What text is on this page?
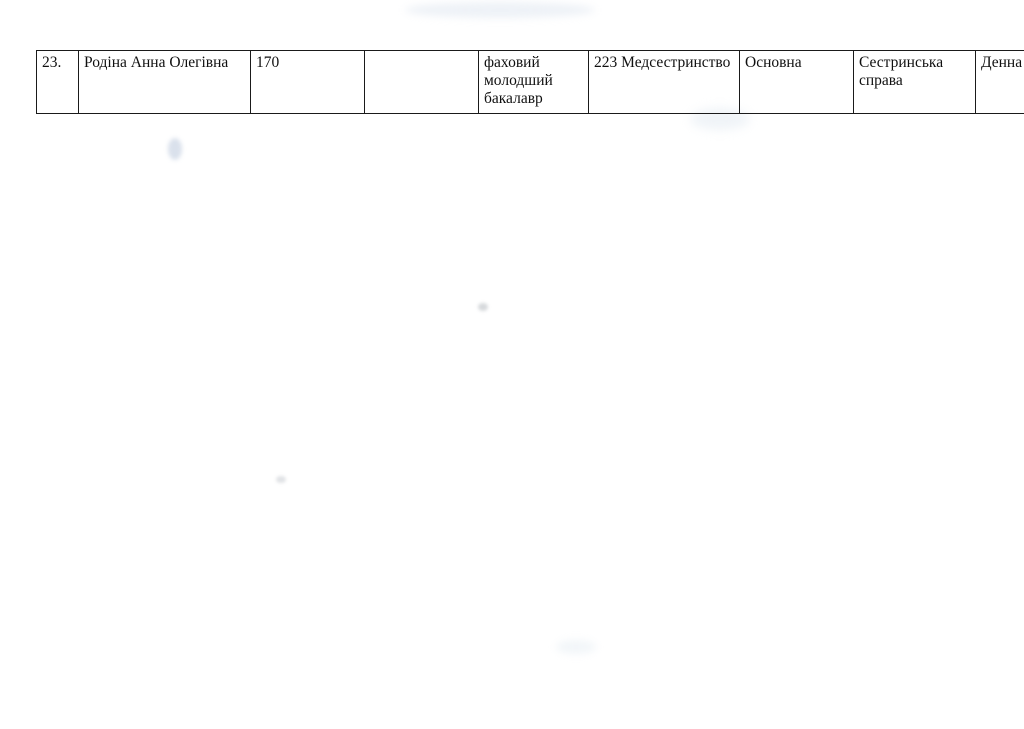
23.	Родіна Анна Олегівна	170		фаховий молодший бакалавр	223 Медсестринство	Основна	Сестринська справа	Денна
